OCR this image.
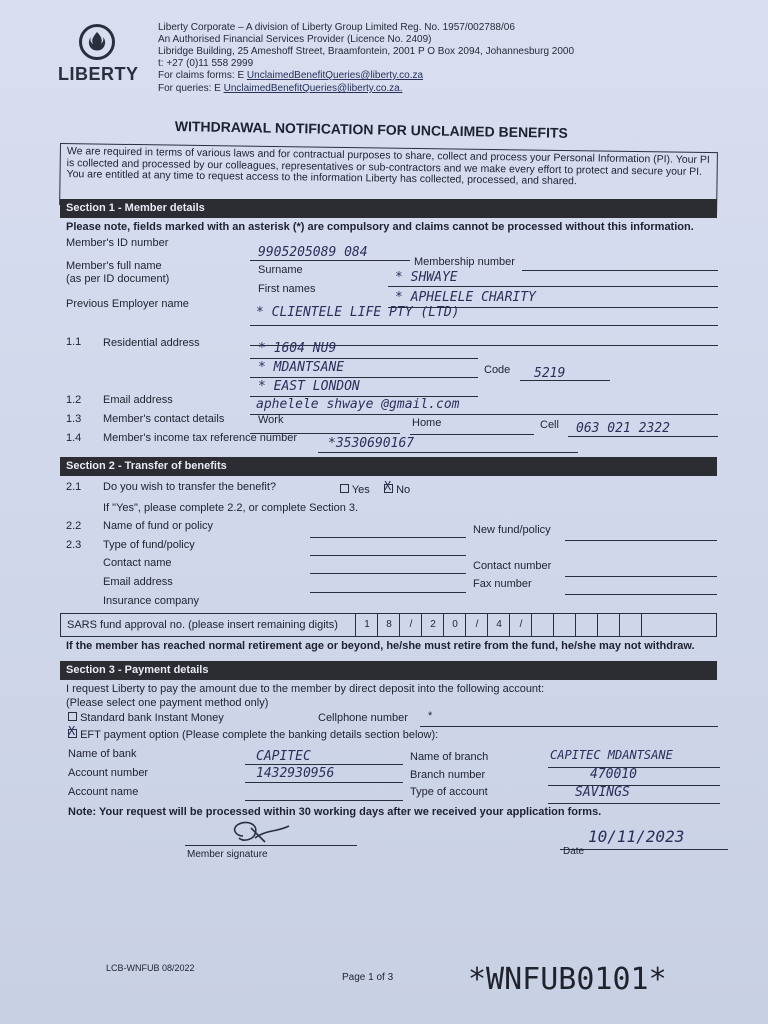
LIBERTY
Liberty Corporate – A division of Liberty Group Limited Reg. No. 1957/002788/06
An Authorised Financial Services Provider (Licence No. 2409)
Libridge Building, 25 Ameshoff Street, Braamfontein, 2001 P O Box 2094, Johannesburg 2000
t: +27 (0)11 558 2999
For claims forms: E UnclaimedBenefitQueries@liberty.co.za
For queries: E UnclaimedBenefitQueries@liberty.co.za.
WITHDRAWAL NOTIFICATION FOR UNCLAIMED BENEFITS
We are required in terms of various laws and for contractual purposes to share, collect and process your Personal Information (PI). Your PI is collected and processed by our colleagues, representatives or sub-contractors and we make every effort to protect and secure your PI. You are entitled at any time to request access to the information Liberty has collected, processed, and shared.
Section 1 - Member details
Please note, fields marked with an asterisk (*) are compulsory and claims cannot be processed without this information.
Member's ID number
9905205089 084
Membership number
Member's full name
(as per ID document)
Surname	* SHWAYE
First names
* APHELELE CHARITY
Previous Employer name
* CLIENTELE LIFE PTY (LTD)
1.1 Residential address	* 1604 NU9
* MDANTSANE	Code 5219
* EAST LONDON
1.2 Email address	aphelele shwaye @gmail.com
1.3 Member's contact details	Work	Home	Cell 063 021 2322
1.4 Member's income tax reference number *3530690167
Section 2 - Transfer of benefits
2.1 Do you wish to transfer the benefit?	Yes X No
If "Yes", please complete 2.2, or complete Section 3.
2.2 Name of fund or policy	New fund/policy
2.3 Type of fund/policy
Contact name	Contact number
Email address	Fax number
Insurance company
SARS fund approval no. (please insert remaining digits)	1	8	/	2	0	/	4	/
If the member has reached normal retirement age or beyond, he/she must retire from the fund, he/she may not withdraw.
Section 3 - Payment details
I request Liberty to pay the amount due to the member by direct deposit into the following account:
(Please select one payment method only)
Standard bank Instant Money	Cellphone number *
X EFT payment option (Please complete the banking details section below):
Name of bank	CAPITEC	Name of branch	CAPITEC MDANTSANE
Account number	1432930956	Branch number	470010
Account name	Type of account	SAVINGS
Note: Your request will be processed within 30 working days after we received your application forms.
Member signature
10/11/2023
Date
LCB-WNFUB 08/2022
Page 1 of 3 *WNFUB0101*
